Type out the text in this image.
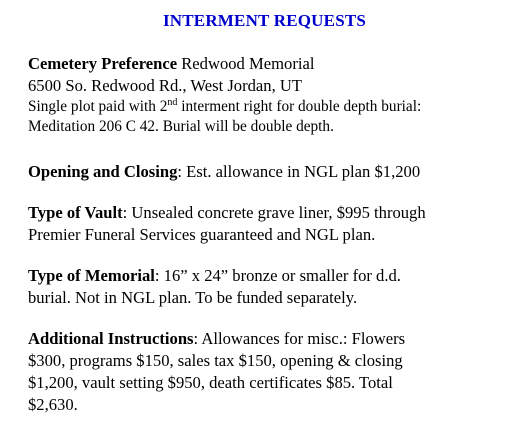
INTERMENT REQUESTS
Cemetery Preference Redwood Memorial
6500 So. Redwood Rd., West Jordan, UT
Single plot paid with 2nd interment right for double depth burial:
Meditation 206 C 42. Burial will be double depth.
Opening and Closing: Est. allowance in NGL plan $1,200
Type of Vault: Unsealed concrete grave liner, $995 through
Premier Funeral Services guaranteed and NGL plan.
Type of Memorial: 16” x 24” bronze or smaller for d.d.
burial. Not in NGL plan. To be funded separately.
Additional Instructions: Allowances for misc.: Flowers
$300, programs $150, sales tax $150, opening & closing
$1,200, vault setting $950, death certificates $85. Total
$2,630.
